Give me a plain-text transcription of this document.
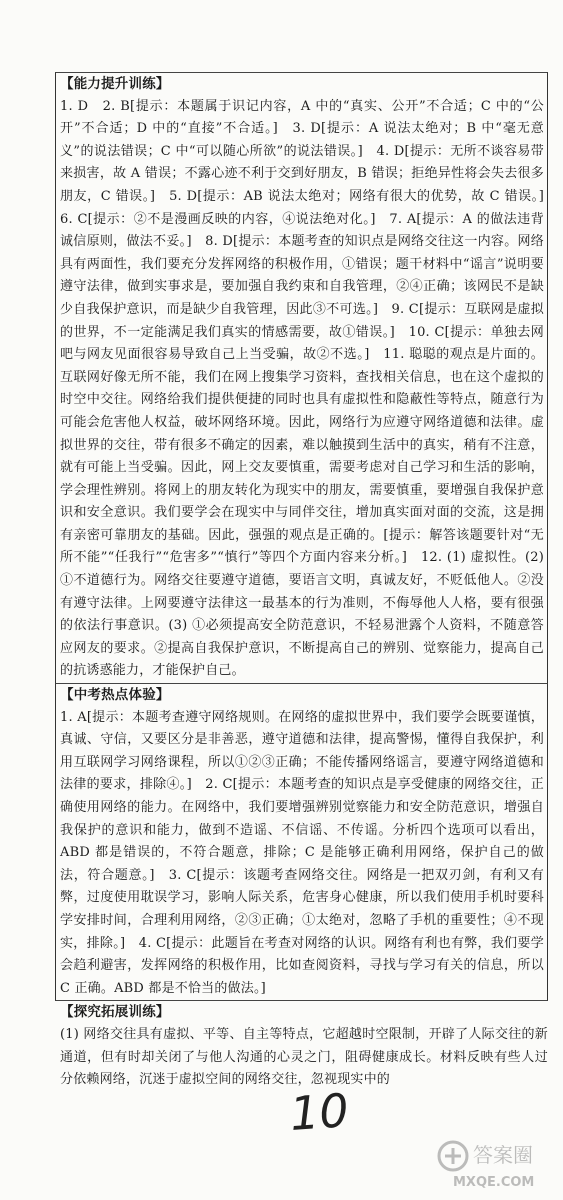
【能力提升训练】

1. D　2. B[提示：本题属于识记内容，A 中的“真实、公开”不合适；C 中的“公开”不合适；D 中的“直接”不合适。]　3. D[提示：A 说法太绝对；B 中“毫无意义”的说法错误；C 中“可以随心所欲”的说法错误。]　4. D[提示：无所不谈容易带来损害，故 A 错误；不露心迹不利于交到好朋友，B 错误；拒绝异性将会失去很多朋友，C 错误。]　5. D[提示：AB 说法太绝对；网络有很大的优势，故 C 错误。]　6. C[提示：②不是漫画反映的内容，④说法绝对化。]　7. A[提示：A 的做法违背诚信原则，做法不妥。]　8. D[提示：本题考查的知识点是网络交往这一内容。网络具有两面性，我们要充分发挥网络的积极作用，①错误；题干材料中“谣言”说明要遵守法律，做到实事求是，要加强自我约束和自我管理，②④正确；该网民不是缺少自我保护意识，而是缺少自我管理，因此③不可选。]　9. C[提示：互联网是虚拟的世界，不一定能满足我们真实的情感需要，故①错误。]　10. C[提示：单独去网吧与网友见面很容易导致自己上当受骗，故②不选。]　11. 聪聪的观点是片面的。互联网好像无所不能，我们在网上搜集学习资料，查找相关信息，也在这个虚拟的时空中交往。网络给我们提供便捷的同时也具有虚拟性和隐蔽性等特点，随意行为可能会危害他人权益，破坏网络环境。因此，网络行为应遵守网络道德和法律。虚拟世界的交往，带有很多不确定的因素，难以触摸到生活中的真实，稍有不注意，就有可能上当受骗。因此，网上交友要慎重，需要考虑对自己学习和生活的影响，学会理性辨别。将网上的朋友转化为现实中的朋友，需要慎重，要增强自我保护意识和安全意识。我们要学会在现实中与同伴交往，增加真实面对面的交流，这是拥有亲密可靠朋友的基础。因此，强强的观点是正确的。[提示：解答该题要针对“无所不能”“任我行”“危害多”“慎行”等四个方面内容来分析。]　12. (1) 虚拟性。(2) ①不道德行为。网络交往要遵守道德，要语言文明，真诚友好，不贬低他人。②没有遵守法律。上网要遵守法律这一最基本的行为准则，不侮辱他人人格，要有很强的依法行事意识。(3) ①必须提高安全防范意识，不轻易泄露个人资料，不随意答应网友的要求。②提高自我保护意识，不断提高自己的辨别、觉察能力，提高自己的抗诱惑能力，才能保护自己。

【中考热点体验】

1. A[提示：本题考查遵守网络规则。在网络的虚拟世界中，我们要学会既要谨慎，真诚、守信，又要区分是非善恶，遵守道德和法律，提高警惕，懂得自我保护，利用互联网学习网络课程，所以①②③正确；不能传播网络谣言，要遵守网络道德和法律的要求，排除④。]　2. C[提示：本题考查的知识点是享受健康的网络交往，正确使用网络的能力。在网络中，我们要增强辨别觉察能力和安全防范意识，增强自我保护的意识和能力，做到不造谣、不信谣、不传谣。分析四个选项可以看出，ABD 都是错误的，不符合题意，排除；C 是能够正确利用网络，保护自己的做法，符合题意。]　3. C[提示：该题考查网络交往。网络是一把双刃剑，有利又有弊，过度使用耽误学习，影响人际关系，危害身心健康，所以我们使用手机时要科学安排时间，合理利用网络，②③正确；①太绝对，忽略了手机的重要性；④不现实，排除。]　4. C[提示：此题旨在考查对网络的认识。网络有利也有弊，我们要学会趋利避害，发挥网络的积极作用，比如查阅资料，寻找与学习有关的信息，所以 C 正确。ABD 都是不恰当的做法。]

【探究拓展训练】

(1) 网络交往具有虚拟、平等、自主等特点，它超越时空限制，开辟了人际交往的新通道，但有时却关闭了与他人沟通的心灵之门，阻碍健康成长。材料反映有些人过分依赖网络，沉迷于虚拟空间的网络交往，忽视现实中的

10
答案圈
MXQE.COM
